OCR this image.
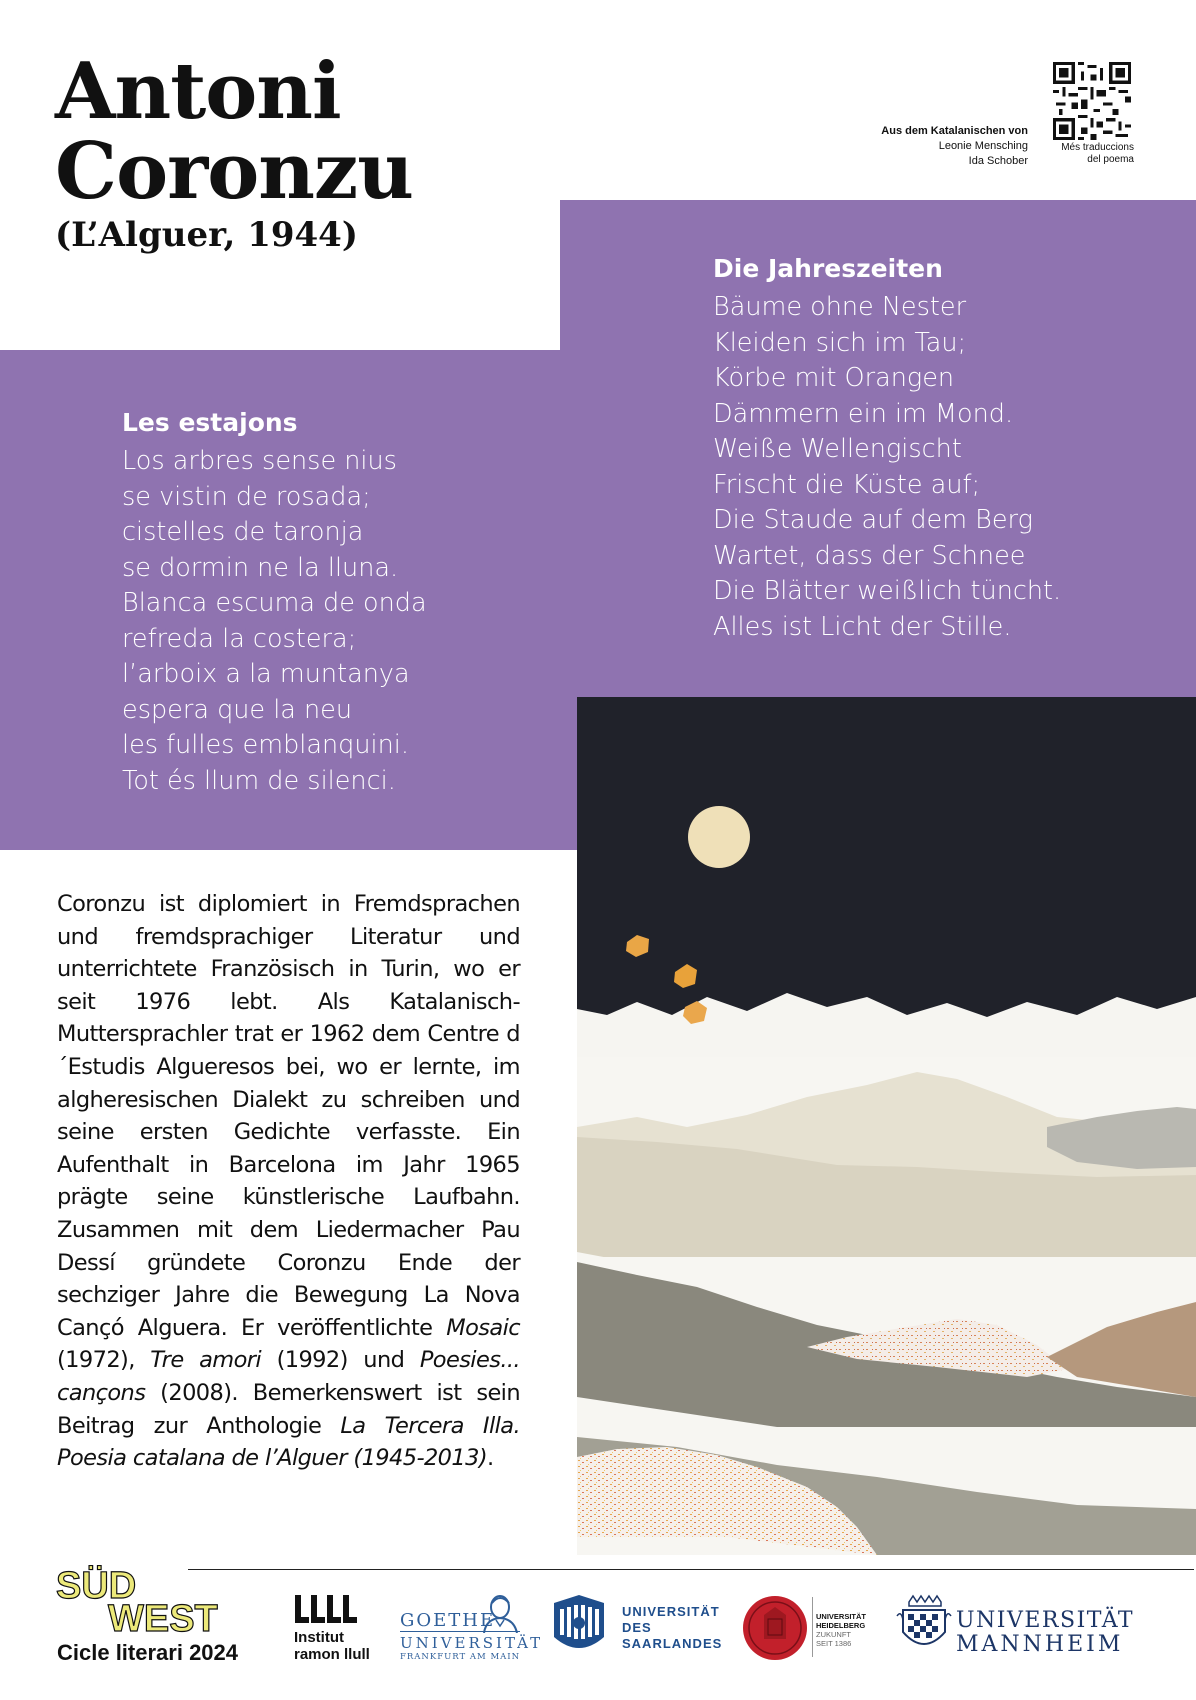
Antoni
Coronzu
(L’Alguer, 1944)
Aus dem Katalanischen von
Leonie Mensching
Ida Schober
Més traduccions
del poema
Les estajons
Los arbres sense nius
se vistin de rosada;
cistelles de taronja
se dormin ne la lluna.
Blanca escuma de onda
refreda la costera;
l’arboix a la muntanya
espera que la neu
les fulles emblanquini.
Tot és llum de silenci.
Die Jahreszeiten
Bäume ohne Nester
Kleiden sich im Tau;
Körbe mit Orangen
Dämmern ein im Mond.
Weiße Wellengischt
Frischt die Küste auf;
Die Staude auf dem Berg
Wartet, dass der Schnee
Die Blätter weißlich tüncht.
Alles ist Licht der Stille.
Coronzu ist diplomiert in Fremdsprachen und fremdsprachiger Literatur und unterrichtete Französisch in Turin, wo er seit 1976 lebt. Als Katalanisch-Muttersprachler trat er 1962 dem Centre d´Estudis Algueresos bei, wo er lernte, im algheresischen Dialekt zu schreiben und seine ersten Gedichte verfasste. Ein Aufenthalt in Barcelona im Jahr 1965 prägte seine künstlerische Laufbahn. Zusammen mit dem Liedermacher Pau Dessí gründete Coronzu Ende der sechziger Jahre die Bewegung La Nova Cançó Alguera. Er veröffentlichte Mosaic (1972), Tre amori (1992) und Poesies... cançons (2008). Bemerkenswert ist sein Beitrag zur Anthologie La Tercera Illa. Poesia catalana de l’Alguer (1945-2013).
SÜD
WEST
Cicle literari 2024
Institut
ramon llull
GOETHE
UNIVERSITÄT
FRANKFURT AM MAIN
UNIVERSITÄT
DES
SAARLANDES
UNIVERSITÄT
HEIDELBERG
ZUKUNFT
SEIT 1386
UNIVERSITÄT
MANNHEIM
